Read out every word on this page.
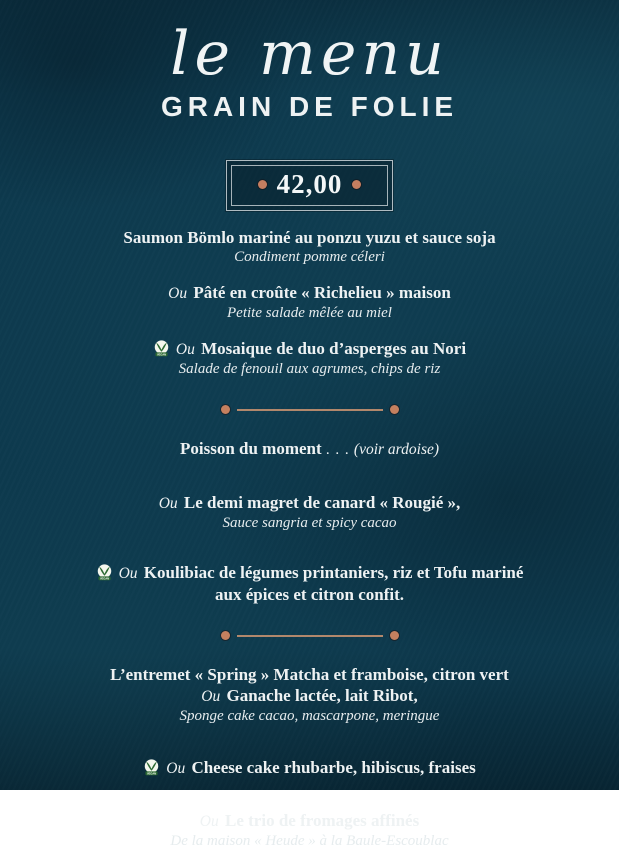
le menu
GRAIN DE FOLIE
42,00
Saumon Bömlo mariné au ponzu yuzu et sauce soja
Condiment pomme céleri
Ou Pâté en croûte « Richelieu » maison
Petite salade mêlée au miel
VEGAN Ou Mosaique de duo d’asperges au Nori
Salade de fenouil aux agrumes, chips de riz
Poisson du moment . . . (voir ardoise)
Ou Le demi magret de canard « Rougié »,
Sauce sangria et spicy cacao
VEGAN Ou Koulibiac de légumes printaniers, riz et Tofu mariné
aux épices et citron confit.
L’entremet « Spring » Matcha et framboise, citron vert
Ou Ganache lactée, lait Ribot,
Sponge cake cacao, mascarpone, meringue
VEGAN Ou Cheese cake rhubarbe, hibiscus, fraises
Ou Le trio de fromages affinés
De la maison « Heude » à la Baule-Escoublac
